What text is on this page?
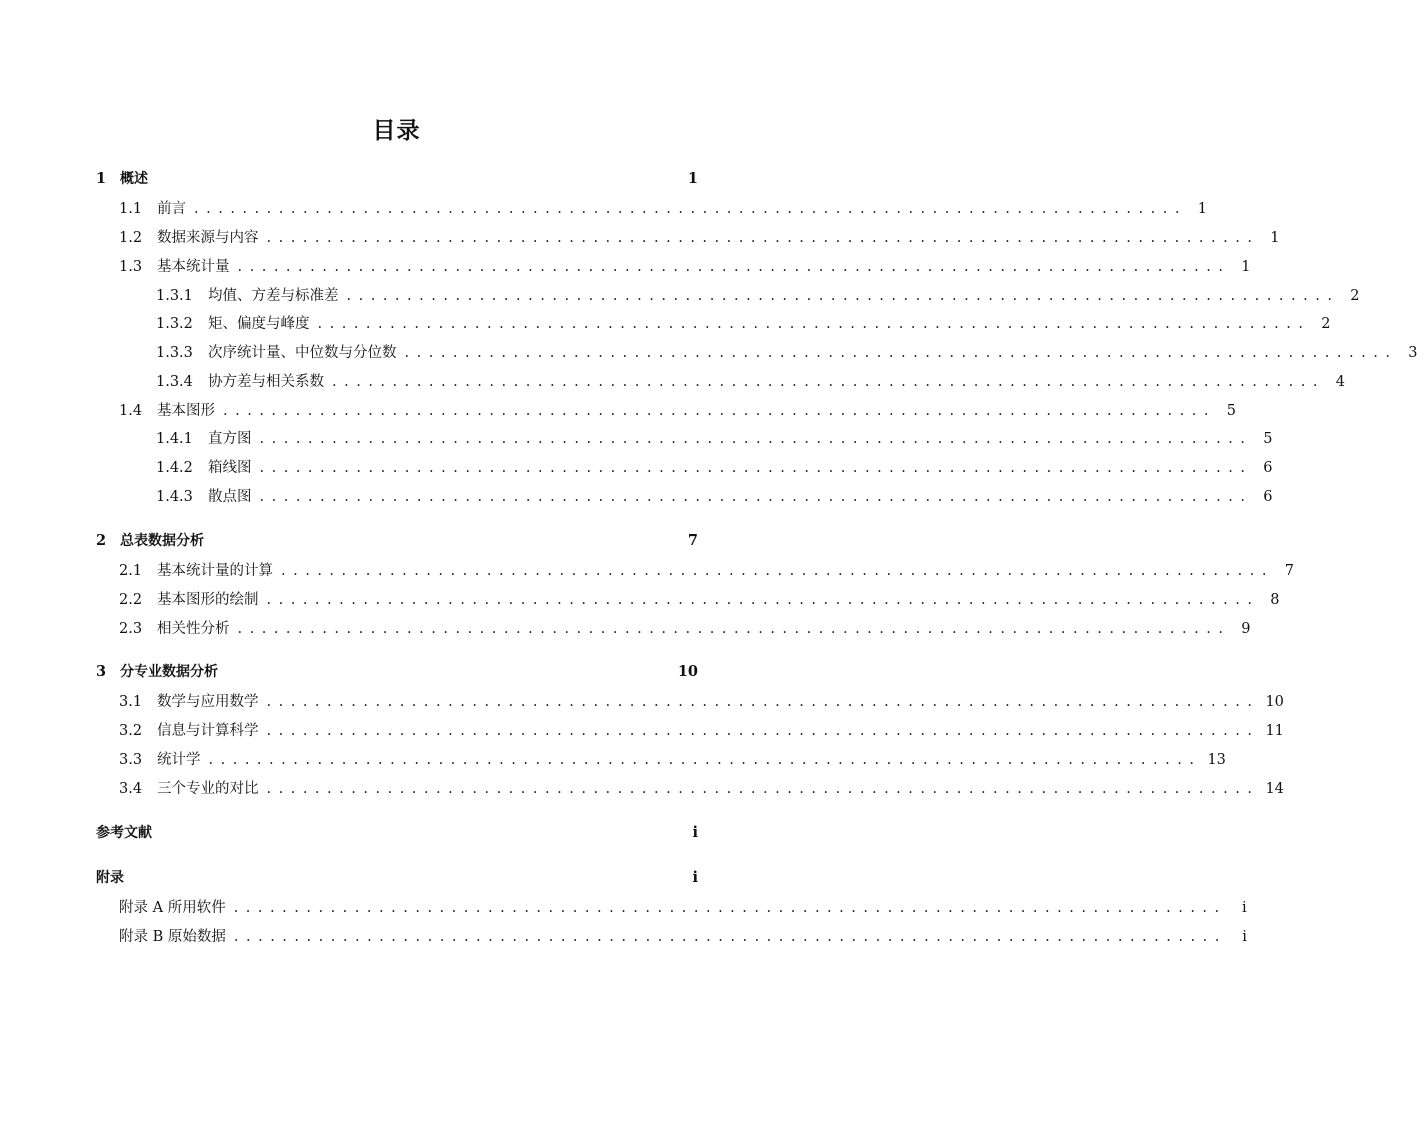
目录
1 概述	1
1.1	前言 .................................................................................. 1
1.2	数据来源与内容 .................................................................................. 1
1.3	基本统计量 .................................................................................. 1
1.3.1	均值、方差与标准差 .................................................................................. 2
1.3.2	矩、偏度与峰度 .................................................................................. 2
1.3.3	次序统计量、中位数与分位数 .................................................................................. 3
1.3.4	协方差与相关系数 .................................................................................. 4
1.4	基本图形 .................................................................................. 5
1.4.1	直方图 .................................................................................. 5
1.4.2	箱线图 .................................................................................. 6
1.4.3	散点图 .................................................................................. 6
2 总表数据分析	7
2.1	基本统计量的计算 .................................................................................. 7
2.2	基本图形的绘制 .................................................................................. 8
2.3	相关性分析 .................................................................................. 9
3 分专业数据分析	10
3.1	数学与应用数学 .................................................................................. 10
3.2	信息与计算科学 .................................................................................. 11
3.3	统计学 .................................................................................. 13
3.4	三个专业的对比 .................................................................................. 14
参考文献	i
附录	i
附录 A 所用软件 ..................................................................................	i
附录 B 原始数据 ..................................................................................	i
